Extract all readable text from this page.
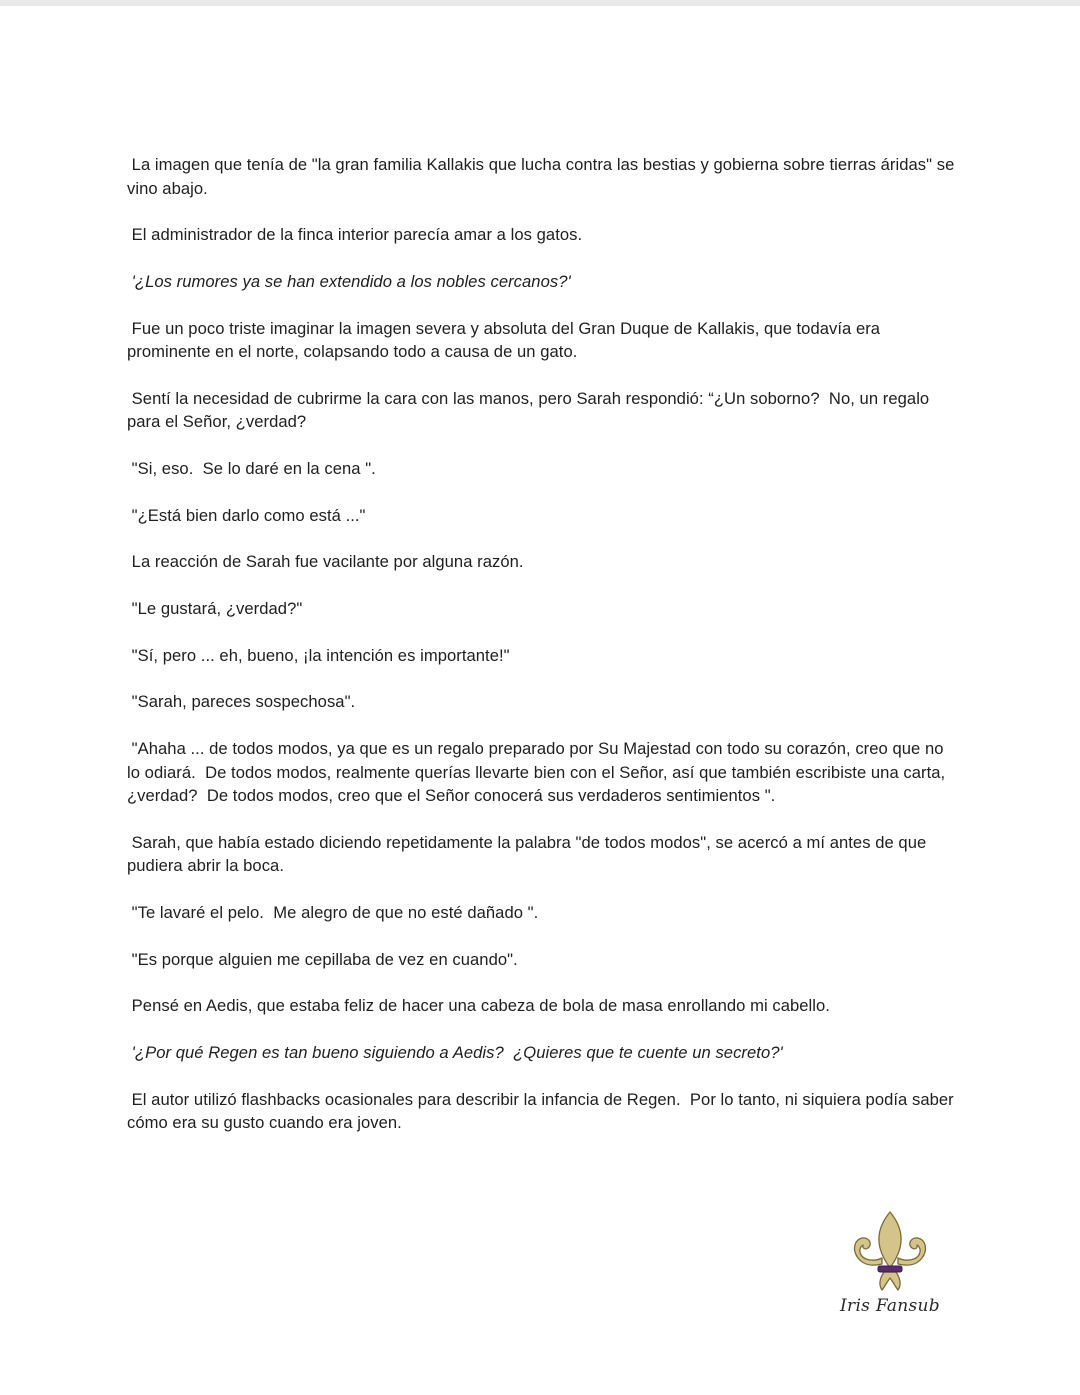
La imagen que tenía de "la gran familia Kallakis que lucha contra las bestias y gobierna sobre tierras áridas" se vino abajo.

El administrador de la finca interior parecía amar a los gatos.

'¿Los rumores ya se han extendido a los nobles cercanos?'

Fue un poco triste imaginar la imagen severa y absoluta del Gran Duque de Kallakis, que todavía era prominente en el norte, colapsando todo a causa de un gato.

Sentí la necesidad de cubrirme la cara con las manos, pero Sarah respondió: “¿Un soborno?  No, un regalo para el Señor, ¿verdad?

"Si, eso.  Se lo daré en la cena ".

"¿Está bien darlo como está ..."

La reacción de Sarah fue vacilante por alguna razón.

"Le gustará, ¿verdad?"

"Sí, pero ... eh, bueno, ¡la intención es importante!"

"Sarah, pareces sospechosa".

"Ahaha ... de todos modos, ya que es un regalo preparado por Su Majestad con todo su corazón, creo que no lo odiará.  De todos modos, realmente querías llevarte bien con el Señor, así que también escribiste una carta, ¿verdad?  De todos modos, creo que el Señor conocerá sus verdaderos sentimientos ".

Sarah, que había estado diciendo repetidamente la palabra "de todos modos", se acercó a mí antes de que pudiera abrir la boca.

"Te lavaré el pelo.  Me alegro de que no esté dañado ".

"Es porque alguien me cepillaba de vez en cuando".

Pensé en Aedis, que estaba feliz de hacer una cabeza de bola de masa enrollando mi cabello.

'¿Por qué Regen es tan bueno siguiendo a Aedis?  ¿Quieres que te cuente un secreto?'

El autor utilizó flashbacks ocasionales para describir la infancia de Regen.  Por lo tanto, ni siquiera podía saber cómo era su gusto cuando era joven.

Iris Fansub
